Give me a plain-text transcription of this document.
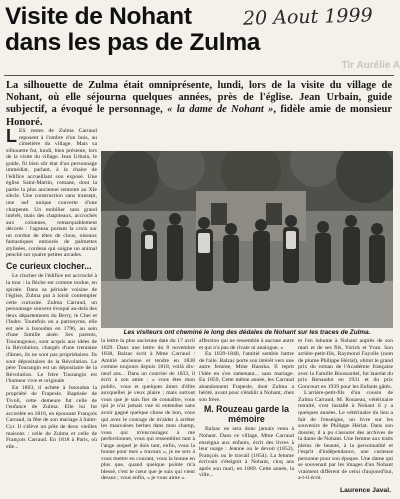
Visite de Nohant
dans les pas de Zulma
20 Aout 1999
Tir Aurélie A
La silhouette de Zulma était omniprésente, lundi, lors de la visite du village de Nohant, où elle séjourna quelques années, près de l'église. Jean Urbain, guide subjectif, a évoqué le personnage, « la dame de Nohant », fidèle amie de monsieur Honoré.

LES restes de Zulma Carraud reposent à l'ombre d'un buis, au cimetière du village. Mais sa silhouette fut, lundi, bien présente, lors de la visite du village. Jean Urbain, le guide, fit bien sûr état d'un personnage immédiat, parlant, à la chaire de l'édifice accueillant son exposé. Une église Saint-Martin, romane, dont la partie la plus ancienne remonte au XIe siècle. Une construction sans transept, une nef unique couverte d'une charpente. Un mobilier sans grand intérêt, mais des chapiteaux, accrochés aux colonnes, remarquablement décorés : l'agneau portant la croix sur un cordon de têtes de clous, oiseaux fantastiques entourés de palmettes stylisées, cordeau qui soigne un animal penché sur quatre petites arcades.

Ce curieux clocher...

Le clocher de l'édifice est accroché à la tour : la flèche est comme tordue, en spirale. Dans sa période voisine de l'église, Zulma put à loisir contempler cette curiosité. Zulma Carraud, un personnage souvent évoqué au-delà des deux départements du Berry, le Cher et l'Indre. Toutefois on a partonyme, elle est née à Issoudun en 1796, au sein d'une famille aisée. Ses parents, Tourangeaux, sont acquis aux idées de la Révolution, chargés d'une trentaine d'âmes, ils ne sont pas propriétaires. Ils sont dépositaires de la Révolution. Le père Tourangin est un dépositaire de la Révolution. Le frère Tourangin est l'humeur vive et originale

En 1803, il achète à Issoudun la propriété de Frapesle. Baptisée de Tivoli, cette demeure fut celle de l'enfance de Zulma. Elle lui fut accordée en 1816, en épousant François Carraud, la fête de son mariage à Saint-Cyr. Il s'élève un pôle de deux vieilles maisons : celle de Zulma et celle de François Carraud. En 1818 à Paris, où elle...

Les visiteurs ont cheminé le long des dédales de Nohant sur les traces de Zulma.

la lettre la plus ancienne date du 17 avril 1829. Dans une lettre du 8 novembre 1838, Balzac écrit à Mme Carraud : Amitié ancienne et tendre en 1838 comme toujours depuis 1818, voilà dix-neuf ans... Dans un courrier de 1833, il écrit à son amie : « vous êtes mon public, vous et quelques âmes d'élite auxquelles je veux plaire ; mais surtout vous que je suis fier de connaître, vous qui je n'ai jamais vue ni entendue sans avoir gagné quelque chose de bon, vous qui avez le courage de m'aider à arrêter les mauvaises herbes dans mon champ, vous qui m'encouragez à me perfectionner, vous qui ressemblez tant à l'ange auquel je dois tant, enfin, vous la bonne pour mes « travaux », je ne sers à vous mettre en courant, vous la bonne en plus que, quand quelque pointe m'a blessé, c'est le cœur que je suis qui vient dessus ; vous enfin, « je vous aime ».

affection qui ne ressemble à aucune autre et qui n'a pas de rivale ni analogue. »

En 1839-1840, l'amitié semble battre de l'aile. Balzac porte son intérêt vers une autre femme, Mme Hanska. Il reprit l'idée en s'en ramenant... sans mariage. En 1850, Cette même année, les Carraud abandonnent Frapesle, dont Zulma a hérité, avant pour s'établir à Nohant, chez son frère.

M. Rouzeau garde la mémoire

Balzac ne sera donc jamais venu à Nohant. Dans ce village, Mme Carraud enseigna aux enfants, écrit des livres à leur usage : Jeanne ou le devoir (1852), François ou le travail (1854). La femme écrivain s'éteignit à Nohant, cinq ans après son mari, en 1889. Cette année, la ville...

et l'en inhume à Nohant auprès de son mari et de ses fils, Yorick et Yvan. Son arrière-petit-fils, Raymond Fayolle (nom de plume Philippe Hériat), obtint le grand prix du roman de l'Académie française avec la Famille Boussardel, fut lauréat du prix Renaudot en 1931 et du prix Goncourt en 1939 pour les Enfants gâtés.

L'arrière-petit-fils d'un cousin de Zulma Carraud, M. Rouzeau, vétérinaire retraité, s'est installé à Nohant il y a quelques années. Le vétérinaire du lieu a fait de l'enseigne, un livre sur les souvenirs de Philippe Hériat. Dans son dossier, il a pu s'assurer des archives de la dame de Nohant. Une femme aux traits pleins de beauté, à la personnalité et l'esprit d'indépendance, une curieuse personne pour son époque. Une dame qui se souvenait par les images d'un Nohant vraiment différent de celui d'aujourd'hui, a-t-il écrit.

Laurence Javal.
